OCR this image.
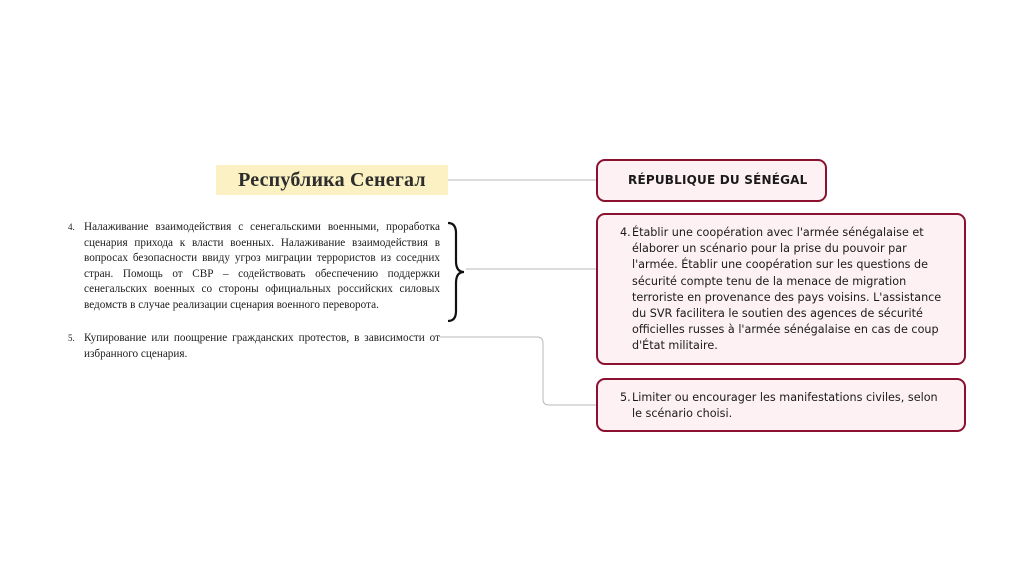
Республика Сенегал
4. Налаживание взаимодействия с сенегальскими военными, проработка сценария прихода к власти военных. Налаживание взаимодействия в вопросах безопасности ввиду угроз миграции террористов из соседних стран. Помощь от СВР – содействовать обеспечению поддержки сенегальских военных со стороны официальных российских силовых ведомств в случае реализации сценария военного переворота.
5. Купирование или поощрение гражданских протестов, в зависимости от избранного сценария.
RÉPUBLIQUE DU SÉNÉGAL
4. Établir une coopération avec l'armée sénégalaise et élaborer un scénario pour la prise du pouvoir par l'armée. Établir une coopération sur les questions de sécurité compte tenu de la menace de migration terroriste en provenance des pays voisins. L'assistance du SVR facilitera le soutien des agences de sécurité officielles russes à l'armée sénégalaise en cas de coup d'État militaire.
5. Limiter ou encourager les manifestations civiles, selon le scénario choisi.
